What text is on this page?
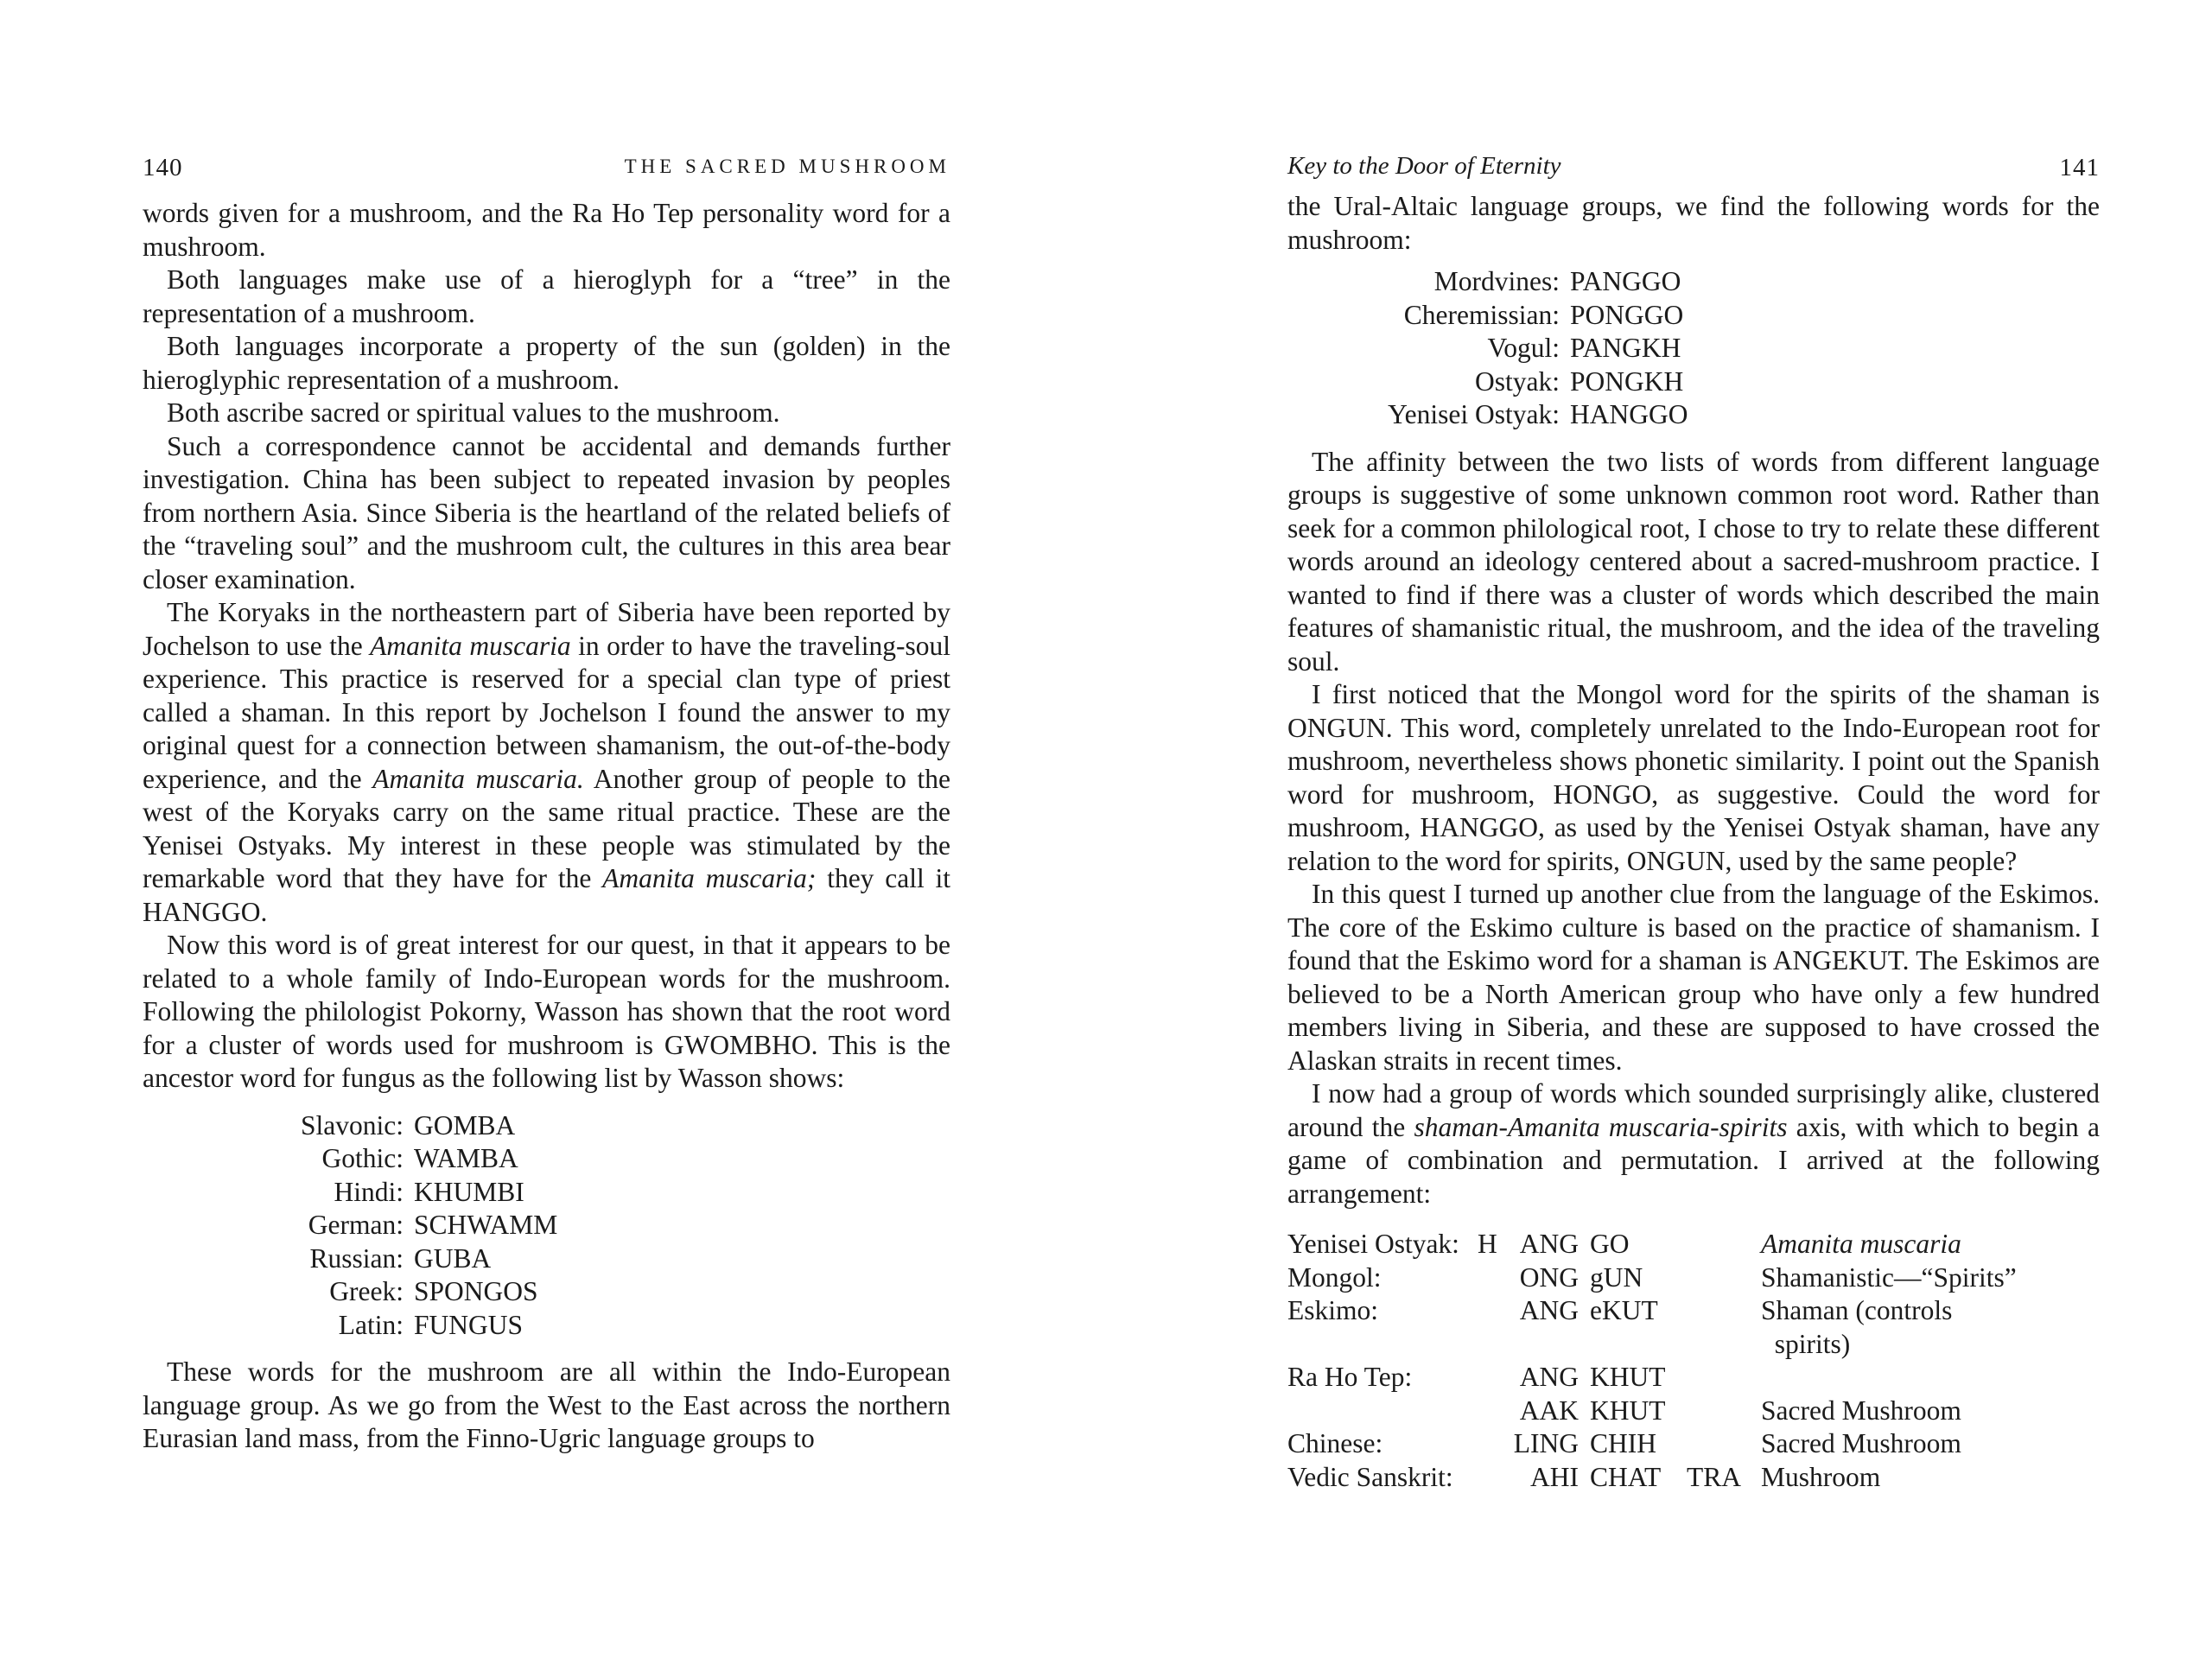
140	THE SACRED MUSHROOM

words given for a mushroom, and the Ra Ho Tep personality word for a mushroom.

Both languages make use of a hieroglyph for a “tree” in the representation of a mushroom.

Both languages incorporate a property of the sun (golden) in the hieroglyphic representation of a mushroom.

Both ascribe sacred or spiritual values to the mushroom.

Such a correspondence cannot be accidental and demands further investigation. China has been subject to repeated invasion by peoples from northern Asia. Since Siberia is the heartland of the related beliefs of the “traveling soul” and the mushroom cult, the cultures in this area bear closer examination.

The Koryaks in the northeastern part of Siberia have been reported by Jochelson to use the Amanita muscaria in order to have the traveling-soul experience. This practice is reserved for a special clan type of priest called a shaman. In this report by Jochelson I found the answer to my original quest for a connection between shamanism, the out-of-the-body experience, and the Amanita muscaria. Another group of people to the west of the Koryaks carry on the same ritual practice. These are the Yenisei Ostyaks. My interest in these people was stimulated by the remarkable word that they have for the Amanita muscaria; they call it HANGGO.

Now this word is of great interest for our quest, in that it appears to be related to a whole family of Indo-European words for the mushroom. Following the philologist Pokorny, Wasson has shown that the root word for a cluster of words used for mushroom is GWOMBHO. This is the ancestor word for fungus as the following list by Wasson shows:

Slavonic: GOMBA
Gothic: WAMBA
Hindi: KHUMBI
German: SCHWAMM
Russian: GUBA
Greek: SPONGOS
Latin: FUNGUS

These words for the mushroom are all within the Indo-European language group. As we go from the West to the East across the northern Eurasian land mass, from the Finno-Ugric language groups to

Key to the Door of Eternity	141

the Ural-Altaic language groups, we find the following words for the mushroom:

Mordvines: PANGGO
Cheremissian: PONGGO
Vogul: PANGKH
Ostyak: PONGKH
Yenisei Ostyak: HANGGO

The affinity between the two lists of words from different language groups is suggestive of some unknown common root word. Rather than seek for a common philological root, I chose to try to relate these different words around an ideology centered about a sacred-mushroom practice. I wanted to find if there was a cluster of words which described the main features of shamanistic ritual, the mushroom, and the idea of the traveling soul.

I first noticed that the Mongol word for the spirits of the shaman is ONGUN. This word, completely unrelated to the Indo-European root for mushroom, nevertheless shows phonetic similarity. I point out the Spanish word for mushroom, HONGO, as suggestive. Could the word for mushroom, HANGGO, as used by the Yenisei Ostyak shaman, have any relation to the word for spirits, ONGUN, used by the same people?

In this quest I turned up another clue from the language of the Eskimos. The core of the Eskimo culture is based on the practice of shamanism. I found that the Eskimo word for a shaman is ANGEKUT. The Eskimos are believed to be a North American group who have only a few hundred members living in Siberia, and these are supposed to have crossed the Alaskan straits in recent times.

I now had a group of words which sounded surprisingly alike, clustered around the shaman-Amanita muscaria-spirits axis, with which to begin a game of combination and permutation. I arrived at the following arrangement:

Yenisei Ostyak: H ANG GO	Amanita muscaria
Mongol:	ONG gUN	Shamanistic—“Spirits”
Eskimo:	ANG eKUT	Shaman (controls
spirits)
Ra Ho Tep:	ANG KHUT
AAK KHUT	Sacred Mushroom
Chinese:	LING CHIH	Sacred Mushroom
Vedic Sanskrit:	AHI CHAT TRA Mushroom
